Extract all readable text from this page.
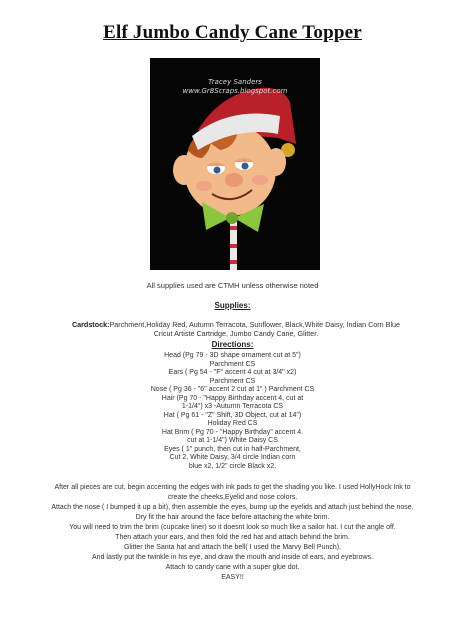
Elf Jumbo Candy Cane Topper
Tracey Sanders
www.Gr8Scraps.blogspot.com
All supplies used are CTMH unless otherwise noted
Supplies:
Cardstock:Parchment,Holiday Red, Autumn Terracota, Sunflower, Black,White Daisy, Indian Corn Blue
Cricut Artiste Cartridge, Jumbo Candy Cane, Glitter.
Directions:
Head (Pg 79 - 3D shape ornament cut at 5")
Parchment CS
Ears ( Pg 54 - "F" accent 4 cut at 3/4" x2)
Parchment CS
Nose ( Pg 36 - "6" accent 2 cut at 1" ) Parchment CS
Hair (Pg 70 - "Happy Birthday accent 4, cut at
1-1/4") x3 -Autumn Terracota CS
Hat ( Pg 61 - "Z" Shift, 3D Object, cut at 14")
Holiday Red CS
Hat Brim ( Pg 70 - "Happy Birthday" accent 4.
cut at 1-1/4") White Daisy CS
Eyes ( 1" punch, then cut in half-Parchment,
Cut 2, White Daisy, 3/4 circle Indian corn
blue x2, 1/2" circle Black x2.
After all pieces are cut, begin accenting the edges with ink pads to get the shading you like. I used HollyHock Ink to
create the cheeks,Eyelid and nose colors.
Attach the nose ( I bumped it up a bit), then assemble the eyes, bump up the eyelids and attach just behind the nose.
Dry fit the hair around the face before attaching the white brim.
You will need to trim the brim (cupcake liner) so it doesnt look so much like a sailor hat. I cut the angle off.
Then attach your ears, and then fold the red hat and attach behind the brim.
Glitter the Santa hat and attach the bell( I used the Marvy Bell Punch).
And lastly put the twinkle in his eye, and draw the mouth and inside of ears, and eyebrows.
Attach to candy cane with a super glue dot.
EASY!!
